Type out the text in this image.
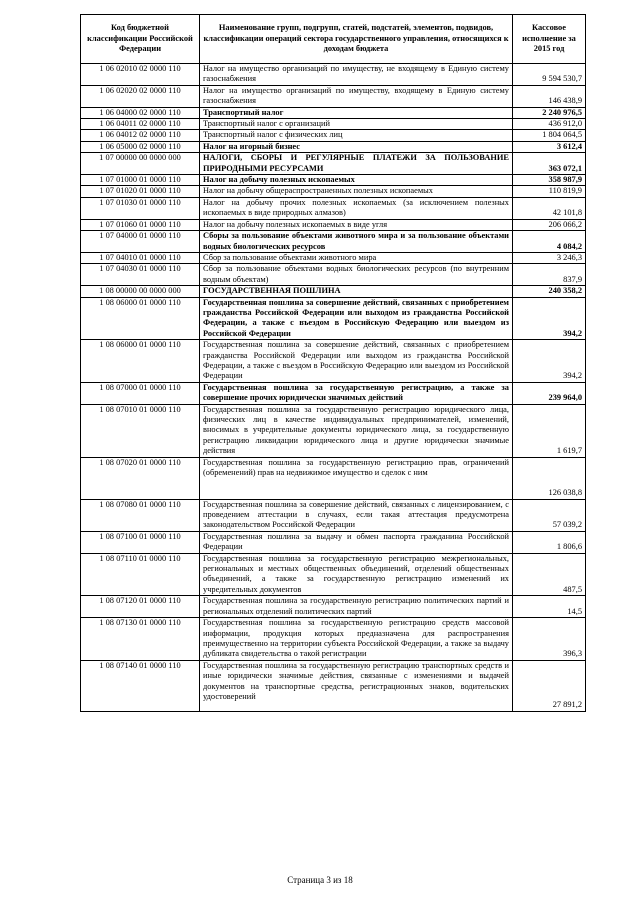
Код бюджетной классификации Российской Федерации	Наименование групп, подгрупп, статей, подстатей, элементов, подвидов, классификации операций сектора государственного управления, относящихся к доходам бюджета	Кассовое исполнение за 2015 год
1 06 02010 02 0000 110	Налог на имущество организаций по имуществу, не входящему в Единую систему газоснабжения	9 594 530,7
1 06 02020 02 0000 110	Налог на имущество организаций по имуществу, входящему в Единую систему газоснабжения	146 438,9
1 06 04000 02 0000 110	Транспортный налог	2 240 976,5
1 06 04011 02 0000 110	Транспортный налог с организаций	436 912,0
1 06 04012 02 0000 110	Транспортный налог с физических лиц	1 804 064,5
1 06 05000 02 0000 110	Налог на игорный бизнес	3 612,4
1 07 00000 00 0000 000	НАЛОГИ, СБОРЫ И РЕГУЛЯРНЫЕ ПЛАТЕЖИ ЗА ПОЛЬЗОВАНИЕ ПРИРОДНЫМИ РЕСУРСАМИ	363 072,1
1 07 01000 01 0000 110	Налог на добычу полезных ископаемых	358 987,9
1 07 01020 01 0000 110	Налог на добычу общераспространенных полезных ископаемых	110 819,9
1 07 01030 01 0000 110	Налог на добычу прочих полезных ископаемых (за исключением полезных ископаемых в виде природных алмазов)	42 101,8
1 07 01060 01 0000 110	Налог на добычу полезных ископаемых в виде угля	206 066,2
1 07 04000 01 0000 110	Сборы за пользование объектами животного мира и за пользование объектами водных биологических ресурсов	4 084,2
1 07 04010 01 0000 110	Сбор за пользование объектами животного мира	3 246,3
1 07 04030 01 0000 110	Сбор за пользование объектами водных биологических ресурсов (по внутренним водным объектам)	837,9
1 08 00000 00 0000 000	ГОСУДАРСТВЕННАЯ ПОШЛИНА	240 358,2
1 08 06000 01 0000 110	Государственная пошлина за совершение действий, связанных с приобретением гражданства Российской Федерации или выходом из гражданства Российской Федерации, а также с въездом в Российскую Федерацию или выездом из Российской Федерации	394,2
1 08 06000 01 0000 110	Государственная пошлина за совершение действий, связанных с приобретением гражданства Российской Федерации или выходом из гражданства Российской Федерации, а также с въездом в Российскую Федерацию или выездом из Российской Федерации	394,2
1 08 07000 01 0000 110	Государственная пошлина за государственную регистрацию, а также за совершение прочих юридически значимых действий	239 964,0
1 08 07010 01 0000 110	Государственная пошлина за государственную регистрацию юридического лица, физических лиц в качестве индивидуальных предпринимателей, изменений, вносимых в учредительные документы юридического лица, за государственную регистрацию ликвидации юридического лица и другие юридически значимые действия	1 619,7
1 08 07020 01 0000 110	Государственная пошлина за государственную регистрацию прав, ограничений (обременений) прав на недвижимое имущество и сделок с ним	126 038,8
1 08 07080 01 0000 110	Государственная пошлина за совершение действий, связанных с лицензированием, с проведением аттестации в случаях, если такая аттестация предусмотрена законодательством Российской Федерации	57 039,2
1 08 07100 01 0000 110	Государственная пошлина за выдачу и обмен паспорта гражданина Российской Федерации	1 806,6
1 08 07110 01 0000 110	Государственная пошлина за государственную регистрацию межрегиональных, региональных и местных общественных объединений, отделений общественных объединений, а также за государственную регистрацию изменений их учредительных документов	487,5
1 08 07120 01 0000 110	Государственная пошлина за государственную регистрацию политических партий и региональных отделений политических партий	14,5
1 08 07130 01 0000 110	Государственная пошлина за государственную регистрацию средств массовой информации, продукция которых предназначена для распространения преимущественно на территории субъекта Российской Федерации, а также за выдачу дубликата свидетельства о такой регистрации	396,3
1 08 07140 01 0000 110	Государственная пошлина за государственную регистрацию транспортных средств и иные юридически значимые действия, связанные с изменениями и выдачей документов на транспортные средства, регистрационных знаков, водительских удостоверений	27 891,2
Страница 3 из 18
